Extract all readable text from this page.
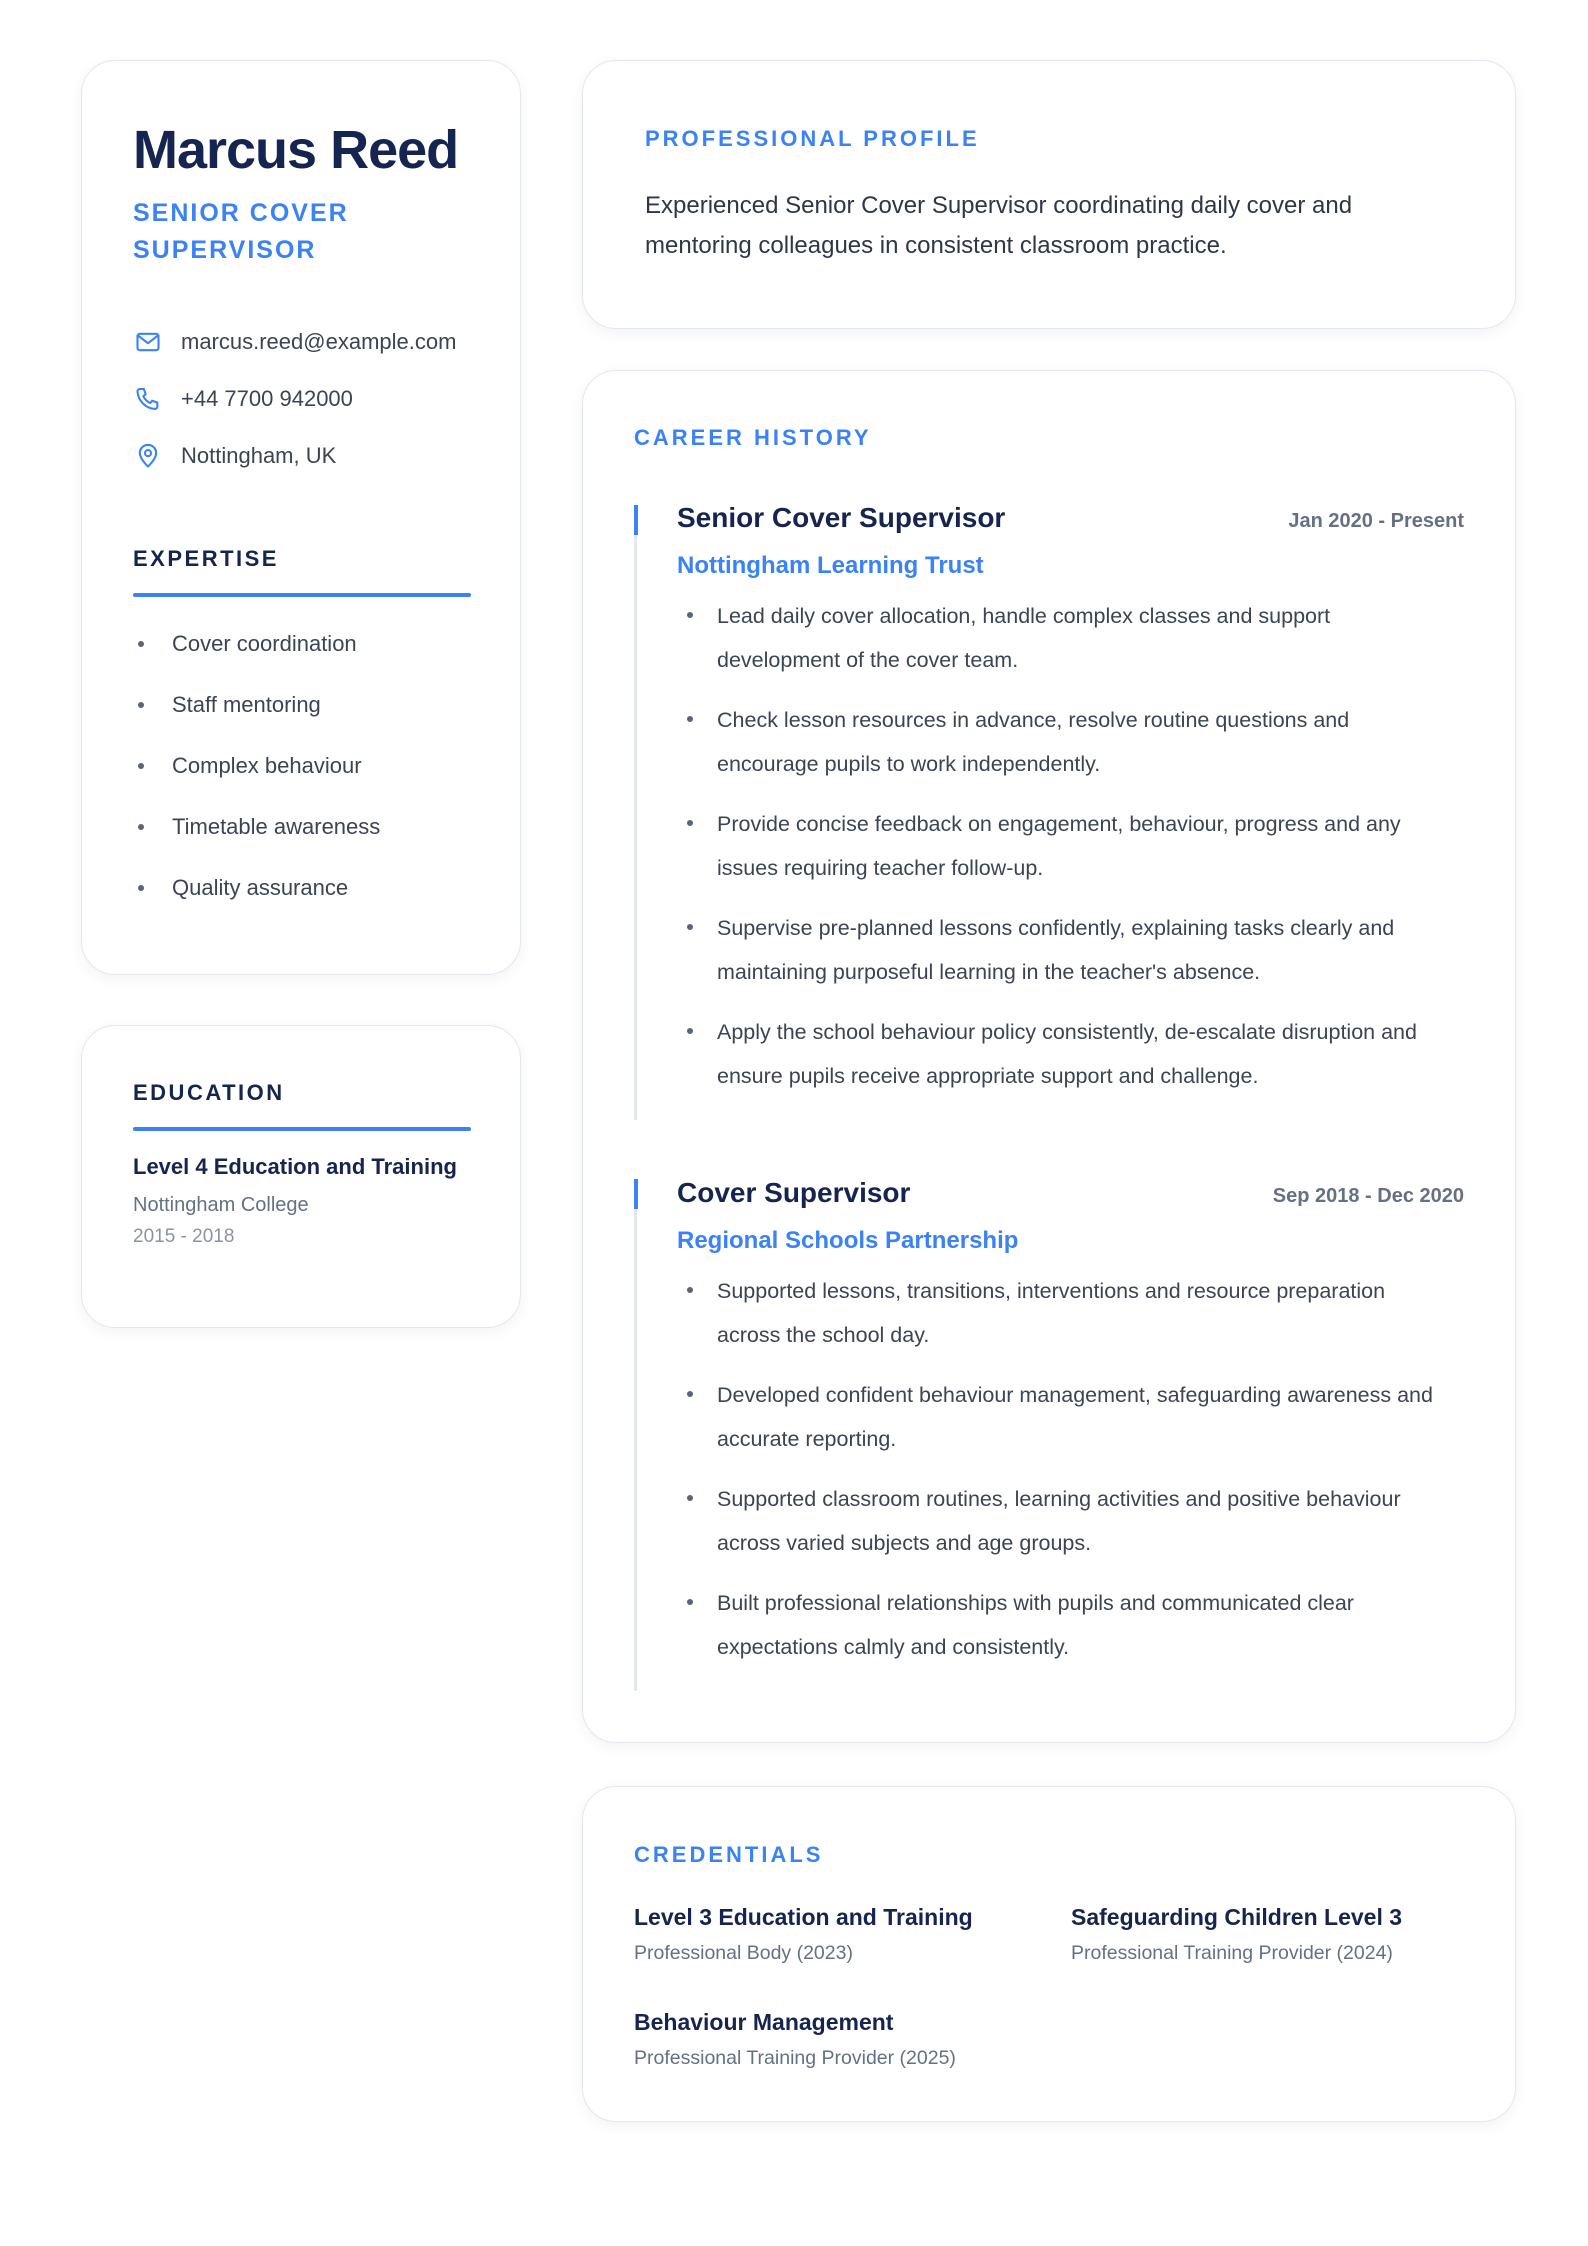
Marcus Reed
SENIOR COVER SUPERVISOR
marcus.reed@example.com
+44 7700 942000
Nottingham, UK
EXPERTISE
Cover coordination
Staff mentoring
Complex behaviour
Timetable awareness
Quality assurance
EDUCATION
Level 4 Education and Training
Nottingham College
2015 - 2018
PROFESSIONAL PROFILE
Experienced Senior Cover Supervisor coordinating daily cover and mentoring colleagues in consistent classroom practice.
CAREER HISTORY
Senior Cover Supervisor	Jan 2020 - Present
Nottingham Learning Trust
Lead daily cover allocation, handle complex classes and support development of the cover team.
Check lesson resources in advance, resolve routine questions and encourage pupils to work independently.
Provide concise feedback on engagement, behaviour, progress and any issues requiring teacher follow-up.
Supervise pre-planned lessons confidently, explaining tasks clearly and maintaining purposeful learning in the teacher's absence.
Apply the school behaviour policy consistently, de-escalate disruption and ensure pupils receive appropriate support and challenge.
Cover Supervisor	Sep 2018 - Dec 2020
Regional Schools Partnership
Supported lessons, transitions, interventions and resource preparation across the school day.
Developed confident behaviour management, safeguarding awareness and accurate reporting.
Supported classroom routines, learning activities and positive behaviour across varied subjects and age groups.
Built professional relationships with pupils and communicated clear expectations calmly and consistently.
CREDENTIALS
Level 3 Education and Training
Professional Body (2023)
Safeguarding Children Level 3
Professional Training Provider (2024)
Behaviour Management
Professional Training Provider (2025)
